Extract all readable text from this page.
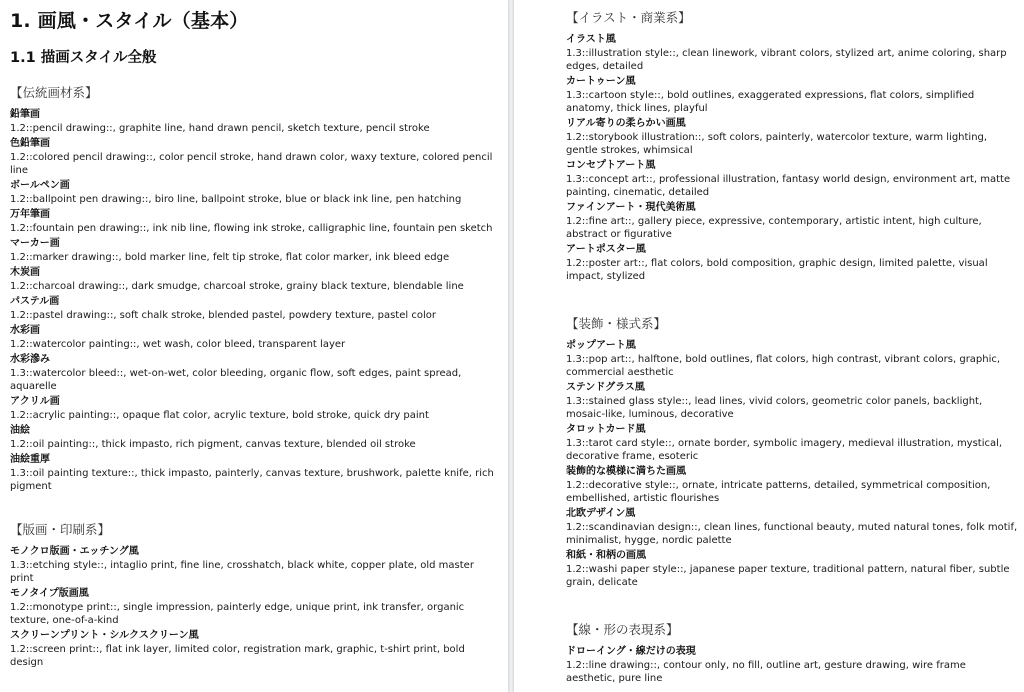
1. 画風・スタイル（基本）
1.1 描画スタイル全般
【伝統画材系】
鉛筆画
1.2::pencil drawing::, graphite line, hand drawn pencil, sketch texture, pencil stroke
色鉛筆画
1.2::colored pencil drawing::, color pencil stroke, hand drawn color, waxy texture, colored pencil line
ボールペン画
1.2::ballpoint pen drawing::, biro line, ballpoint stroke, blue or black ink line, pen hatching
万年筆画
1.2::fountain pen drawing::, ink nib line, flowing ink stroke, calligraphic line, fountain pen sketch
マーカー画
1.2::marker drawing::, bold marker line, felt tip stroke, flat color marker, ink bleed edge
木炭画
1.2::charcoal drawing::, dark smudge, charcoal stroke, grainy black texture, blendable line
パステル画
1.2::pastel drawing::, soft chalk stroke, blended pastel, powdery texture, pastel color
水彩画
1.2::watercolor painting::, wet wash, color bleed, transparent layer
水彩滲み
1.3::watercolor bleed::, wet-on-wet, color bleeding, organic flow, soft edges, paint spread, aquarelle
アクリル画
1.2::acrylic painting::, opaque flat color, acrylic texture, bold stroke, quick dry paint
油絵
1.2::oil painting::, thick impasto, rich pigment, canvas texture, blended oil stroke
油絵重厚
1.3::oil painting texture::, thick impasto, painterly, canvas texture, brushwork, palette knife, rich pigment
【版画・印刷系】
モノクロ版画・エッチング風
1.3::etching style::, intaglio print, fine line, crosshatch, black white, copper plate, old master print
モノタイプ版画風
1.2::monotype print::, single impression, painterly edge, unique print, ink transfer, organic texture, one-of-a-kind
スクリーンプリント・シルクスクリーン風
1.2::screen print::, flat ink layer, limited color, registration mark, graphic, t-shirt print, bold design
【イラスト・商業系】
イラスト風
1.3::illustration style::, clean linework, vibrant colors, stylized art, anime coloring, sharp edges, detailed
カートゥーン風
1.3::cartoon style::, bold outlines, exaggerated expressions, flat colors, simplified anatomy, thick lines, playful
リアル寄りの柔らかい画風
1.2::storybook illustration::, soft colors, painterly, watercolor texture, warm lighting, gentle strokes, whimsical
コンセプトアート風
1.3::concept art::, professional illustration, fantasy world design, environment art, matte painting, cinematic, detailed
ファインアート・現代美術風
1.2::fine art::, gallery piece, expressive, contemporary, artistic intent, high culture, abstract or figurative
アートポスター風
1.2::poster art::, flat colors, bold composition, graphic design, limited palette, visual impact, stylized
【装飾・様式系】
ポップアート風
1.3::pop art::, halftone, bold outlines, flat colors, high contrast, vibrant colors, graphic, commercial aesthetic
ステンドグラス風
1.3::stained glass style::, lead lines, vivid colors, geometric color panels, backlight, mosaic-like, luminous, decorative
タロットカード風
1.3::tarot card style::, ornate border, symbolic imagery, medieval illustration, mystical, decorative frame, esoteric
装飾的な模様に満ちた画風
1.2::decorative style::, ornate, intricate patterns, detailed, symmetrical composition, embellished, artistic flourishes
北欧デザイン風
1.2::scandinavian design::, clean lines, functional beauty, muted natural tones, folk motif, minimalist, hygge, nordic palette
和紙・和柄の画風
1.2::washi paper style::, japanese paper texture, traditional pattern, natural fiber, subtle grain, delicate
【線・形の表現系】
ドローイング・線だけの表現
1.2::line drawing::, contour only, no fill, outline art, gesture drawing, wire frame aesthetic, pure line
